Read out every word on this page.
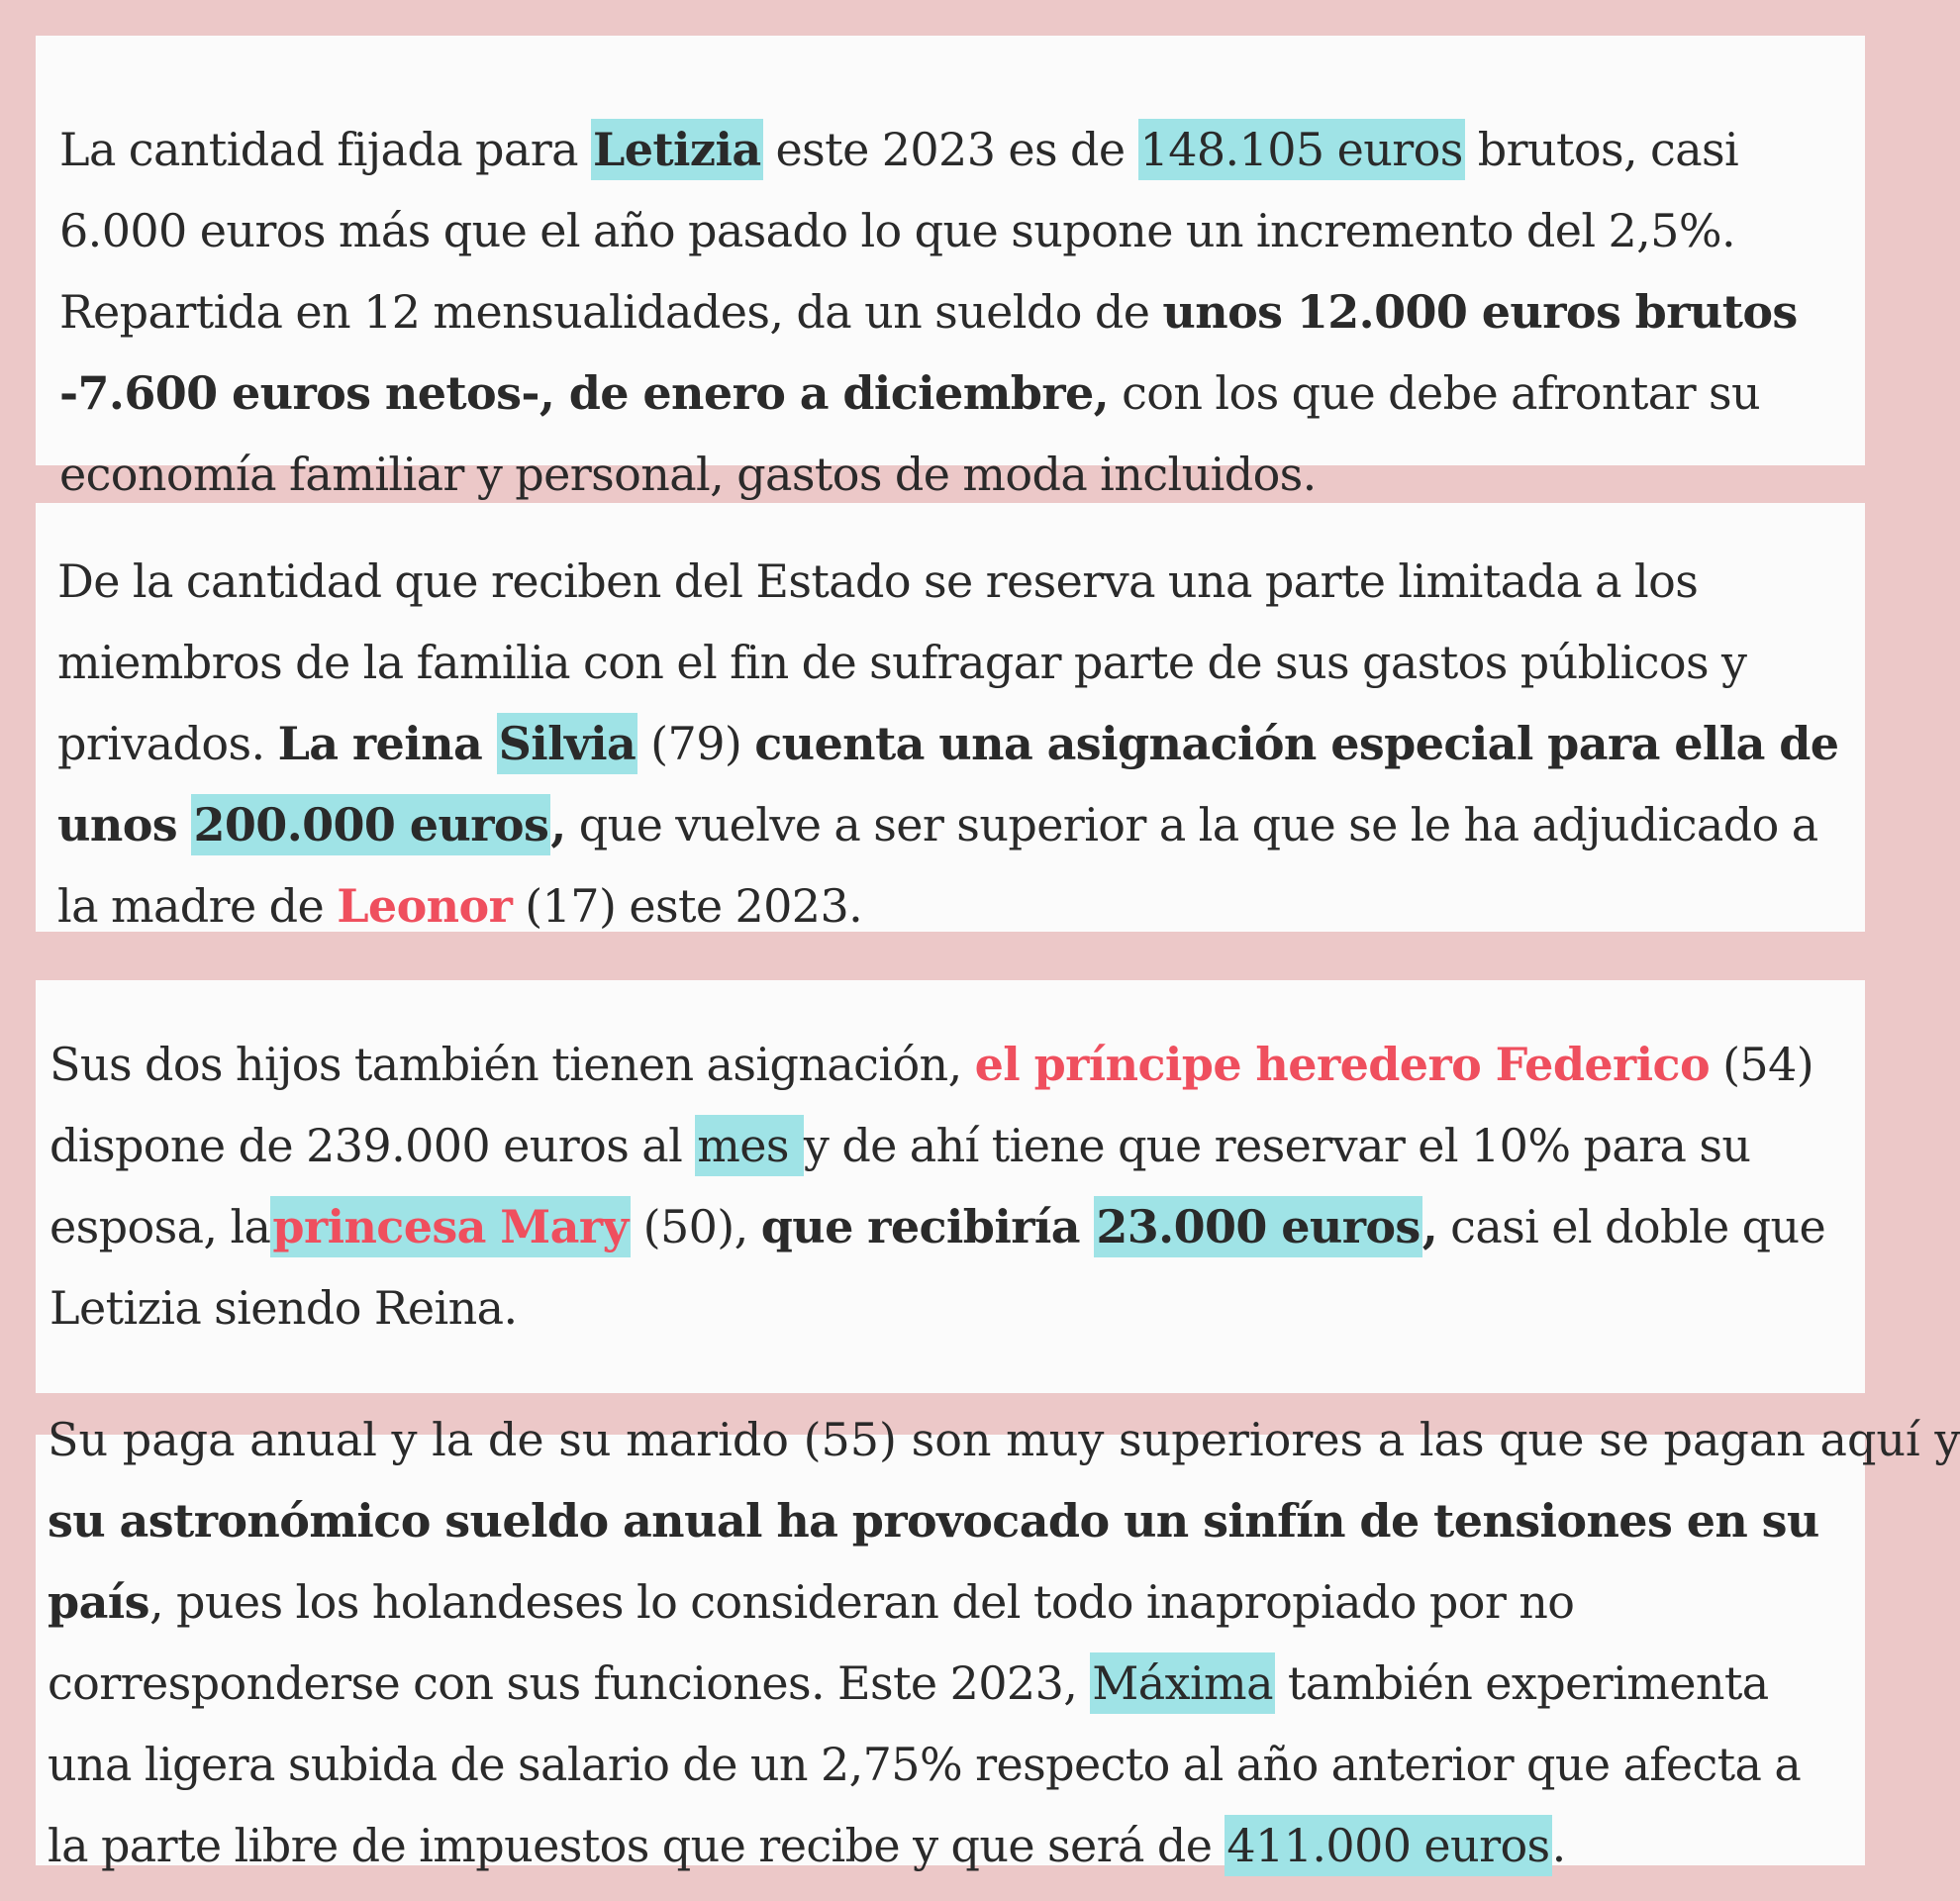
La cantidad fijada para Letizia este 2023 es de 148.105 euros brutos, casi 6.000 euros más que el año pasado lo que supone un incremento del 2,5%. Repartida en 12 mensualidades, da un sueldo de unos 12.000 euros brutos -7.600 euros netos-, de enero a diciembre, con los que debe afrontar su economía familiar y personal, gastos de moda incluidos.

De la cantidad que reciben del Estado se reserva una parte limitada a los miembros de la familia con el fin de sufragar parte de sus gastos públicos y privados. La reina Silvia (79) cuenta una asignación especial para ella de unos 200.000 euros, que vuelve a ser superior a la que se le ha adjudicado a la madre de Leonor (17) este 2023.

Sus dos hijos también tienen asignación, el príncipe heredero Federico (54) dispone de 239.000 euros al mes y de ahí tiene que reservar el 10% para su esposa, laprincesa Mary (50), que recibiría 23.000 euros, casi el doble que Letizia siendo Reina.

Su paga anual y la de su marido (55) son muy superiores a las que se pagan aquí y

su astronómico sueldo anual ha provocado un sinfín de tensiones en su país, pues los holandeses lo consideran del todo inapropiado por no corresponderse con sus funciones. Este 2023, Máxima también experimenta una ligera subida de salario de un 2,75% respecto al año anterior que afecta a la parte libre de impuestos que recibe y que será de 411.000 euros.
